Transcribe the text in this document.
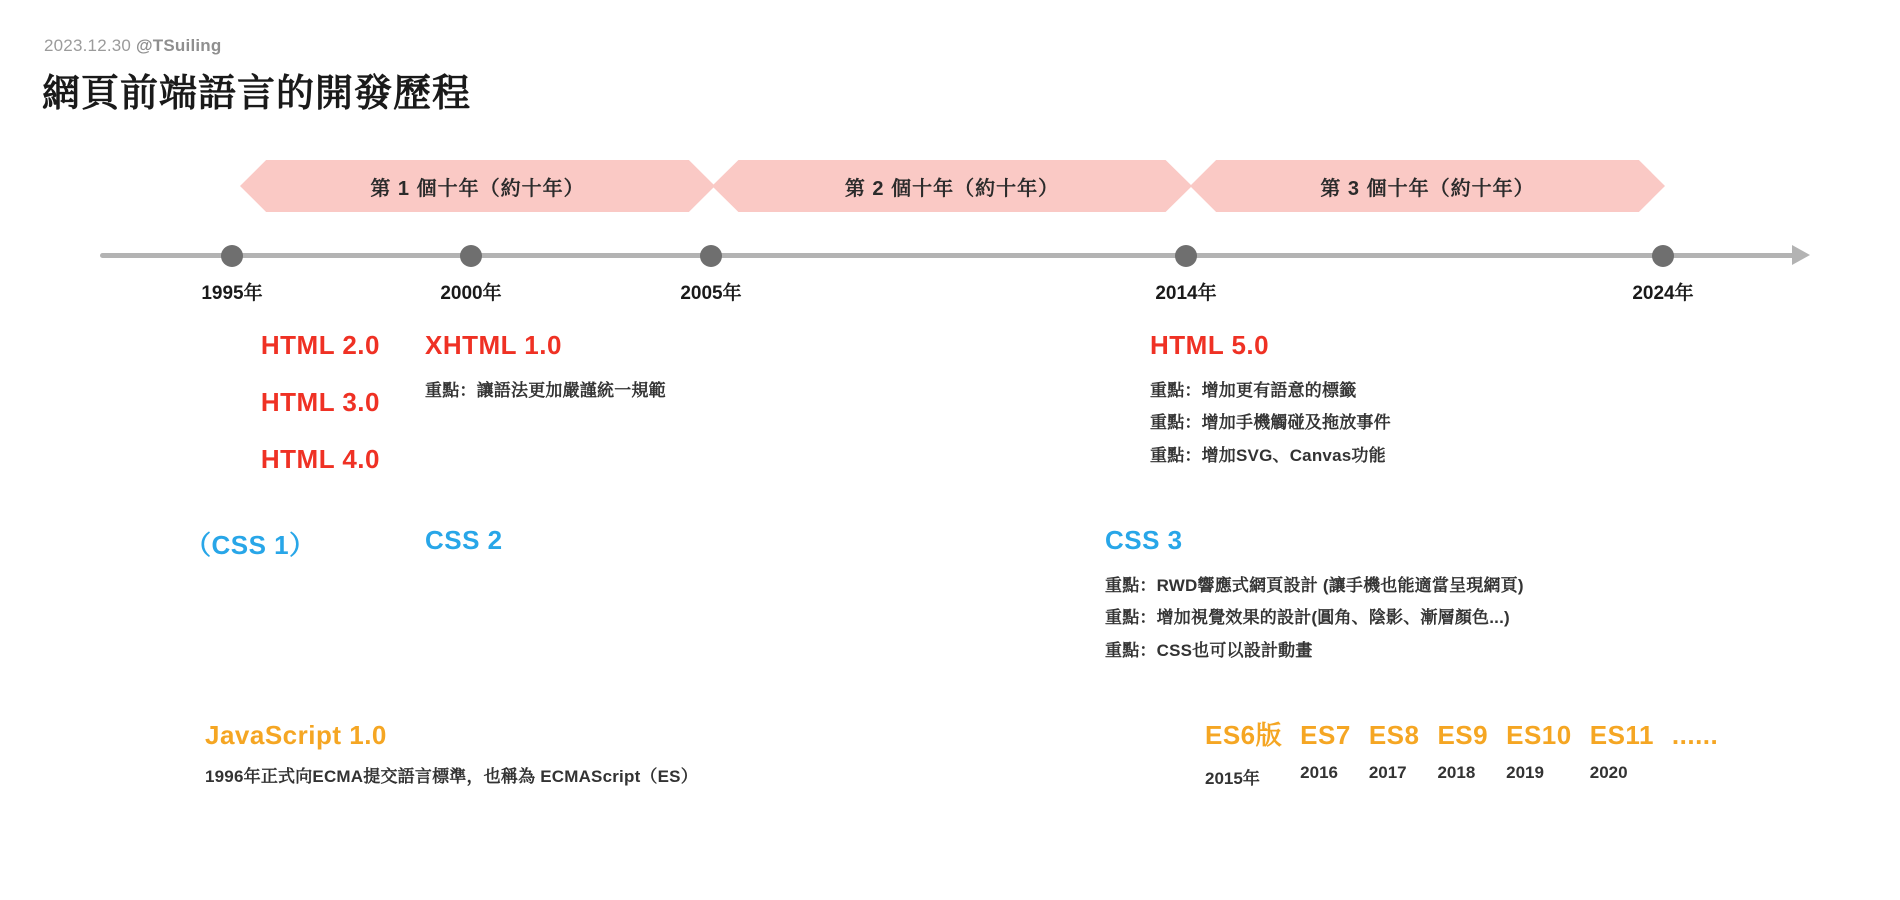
2023.12.30 @TSuiling
網頁前端語言的開發歷程
第 1 個十年（約十年）	第 2 個十年（約十年）	第 3 個十年（約十年）
1995年	2000年	2005年	2014年	2024年
HTML 2.0
HTML 3.0
HTML 4.0
XHTML 1.0
重點：讓語法更加嚴謹統一規範
HTML 5.0
重點：增加更有語意的標籤
重點：增加手機觸碰及拖放事件
重點：增加SVG、Canvas功能
（CSS 1）	CSS 2	CSS 3
重點：RWD響應式網頁設計 (讓手機也能適當呈現網頁)
重點：增加視覺效果的設計(圓角、陰影、漸層顏色...)
重點：CSS也可以設計動畫
JavaScript 1.0
1996年正式向ECMA提交語言標準，也稱為 ECMAScript（ES）
ES6版
2015年
ES7
2016
ES8
2017
ES9
2018
ES10
2019
ES11
2020
......
